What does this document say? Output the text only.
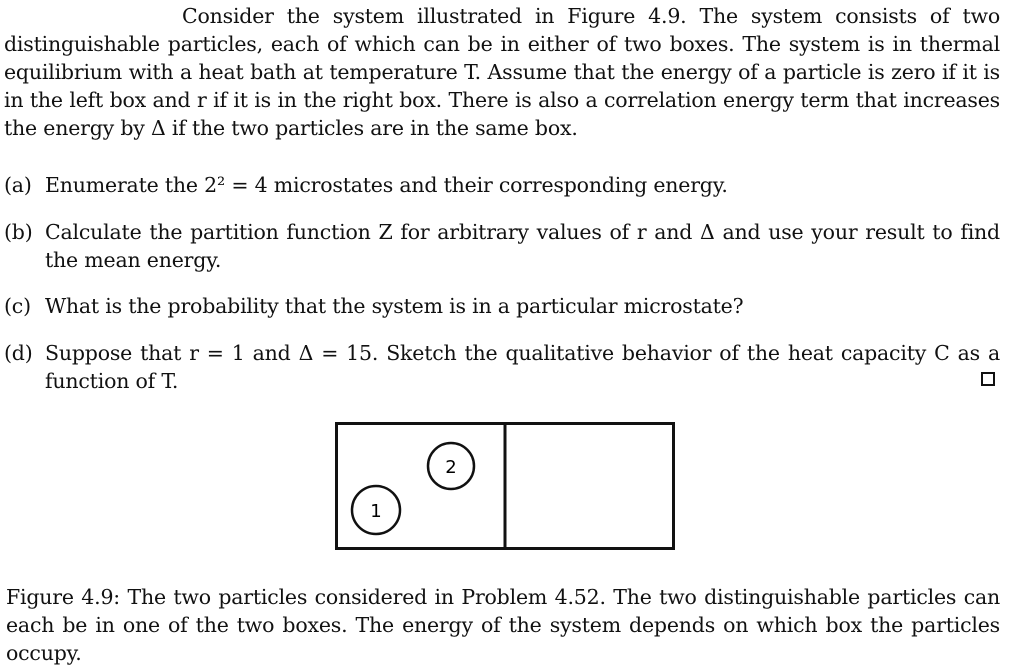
Consider the system illustrated in Figure 4.9. The system consists of two distinguishable particles, each of which can be in either of two boxes. The system is in thermal equilibrium with a heat bath at temperature T. Assume that the energy of a particle is zero if it is in the left box and r if it is in the right box. There is also a correlation energy term that increases the energy by Δ if the two particles are in the same box.
(a) Enumerate the 2² = 4 microstates and their corresponding energy.
(b) Calculate the partition function Z for arbitrary values of r and Δ and use your result to find the mean energy.
(c) What is the probability that the system is in a particular microstate?
(d) Suppose that r = 1 and Δ = 15. Sketch the qualitative behavior of the heat capacity C as a function of T.
2
1
Figure 4.9: The two particles considered in Problem 4.52. The two distinguishable particles can each be in one of the two boxes. The energy of the system depends on which box the particles occupy.
